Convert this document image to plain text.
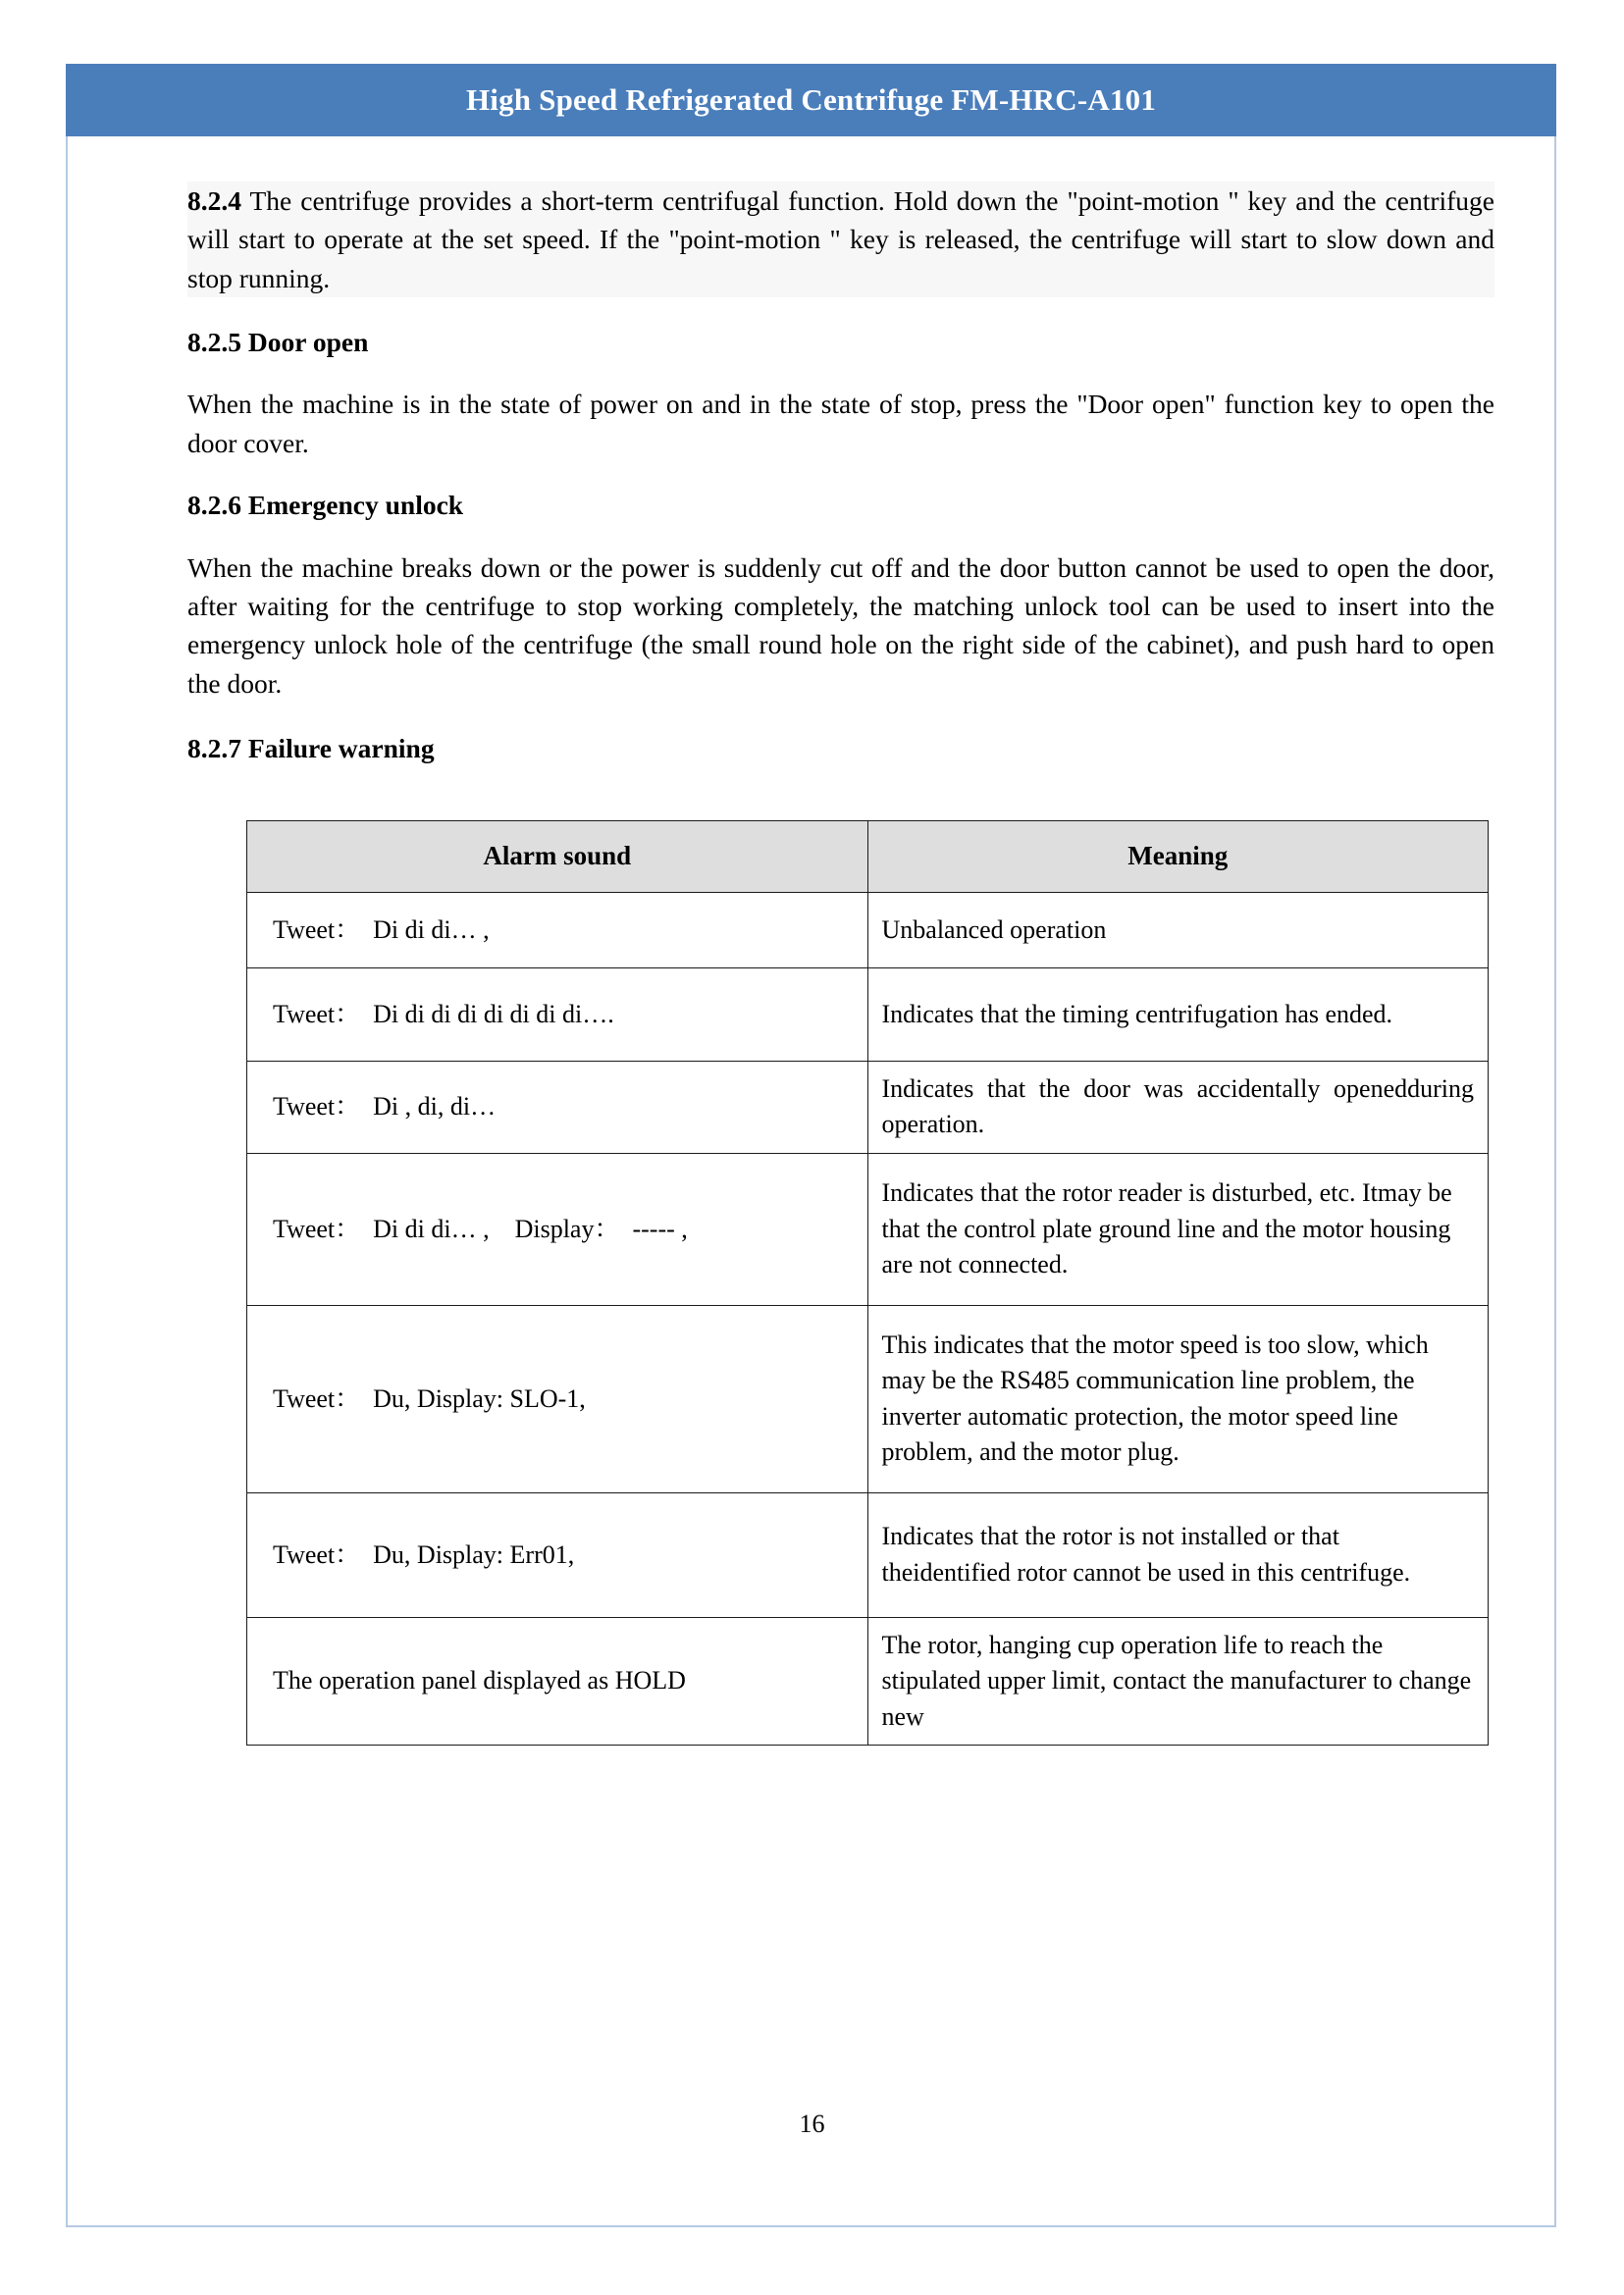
High Speed Refrigerated Centrifuge FM-HRC-A101

8.2.4 The centrifuge provides a short-term centrifugal function. Hold down the "point-motion " key and the centrifuge will start to operate at the set speed. If the "point-motion " key is released, the centrifuge will start to slow down and stop running.

8.2.5 Door open

When the machine is in the state of power on and in the state of stop, press the "Door open" function key to open the door cover.

8.2.6 Emergency unlock

When the machine breaks down or the power is suddenly cut off and the door button cannot be used to open the door, after waiting for the centrifuge to stop working completely, the matching unlock tool can be used to insert into the emergency unlock hole of the centrifuge (the small round hole on the right side of the cabinet), and push hard to open the door.

8.2.7 Failure warning
Alarm sound	Meaning
Tweet：　Di di di… ,	Unbalanced operation
Tweet：　Di di di di di di di di….	Indicates that the timing centrifugation has ended.
Tweet：　Di , di, di…	Indicates that the door was accidentally openedduring operation.
Tweet：　Di di di… ,　Display：　----- ,	Indicates that the rotor reader is disturbed, etc. Itmay be that the control plate ground line and the motor housing are not connected.
Tweet：　Du, Display: SLO-1,	This indicates that the motor speed is too slow, which may be the RS485 communication line problem, the inverter automatic protection, the motor speed line problem, and the motor plug.
Tweet：　Du, Display: Err01,	Indicates that the rotor is not installed or that theidentified rotor cannot be used in this centrifuge.
The operation panel displayed as HOLD	The rotor, hanging cup operation life to reach the stipulated upper limit, contact the manufacturer to change new
16
